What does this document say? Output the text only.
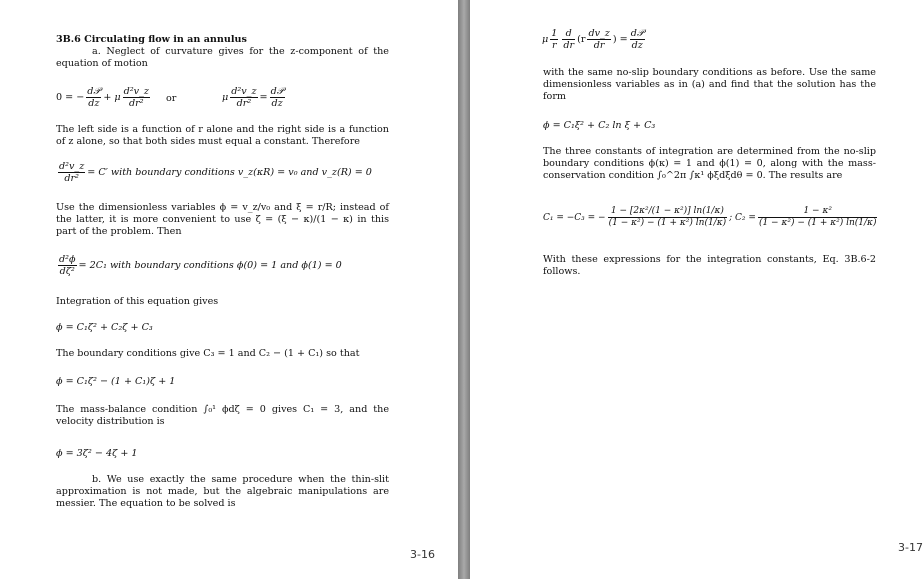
3B.6 Circulating flow in an annulus
a. Neglect of curvature gives for the z-component of the equation of motion
0 = − $\frac{\text{d𝒫}}{dz} + \mu \frac{\text{d²v\_z}}{\text{dr²}}$ or	μ $\frac{\text{d²v\_z}}{\text{dr²}} = \frac{\text{d𝒫}}{dz}$
The left side is a function of r alone and the right side is a function of z alone, so that both sides must equal a constant. Therefore
$\frac{\text{d²v\_z}}{\text{dr²}} = C'$ with boundary conditions v_z(κR) = v₀ and v_z(R) = 0
Use the dimensionless variables ϕ = v_z/v₀ and ξ = r/R; instead of the latter, it is more convenient to use ζ = (ξ − κ)/(1 − κ) in this part of the problem. Then
$\frac{\text{d²ϕ}}{\text{dζ²}} = 2C_1$ with boundary conditions ϕ(0) = 1 and ϕ(1) = 0
Integration of this equation gives
ϕ = C₁ζ² + C₂ζ + C₃
The boundary conditions give C₃ = 1 and C₂ − (1 + C₁) so that
ϕ = C₁ζ² − (1 + C₁)ζ + 1
The mass-balance condition ∫₀¹ ϕdζ = 0 gives C₁ = 3, and the velocity distribution is
ϕ = 3ζ² − 4ζ + 1
b. We use exactly the same procedure when the thin-slit approximation is not made, but the algebraic manipulations are messier. The equation to be solved is
3-16
μ $\frac{1}{r} \frac{d}{dr} (r \frac{dv\_z}{dr}$ ) = $\frac{\text{d𝒫}}{dz}$
with the same no-slip boundary conditions as before. Use the same dimensionless variables as in (a) and find that the solution has the form
ϕ = C₁ξ² + C₂ ln ξ + C₃
The three constants of integration are determined from the no-slip boundary conditions ϕ(κ) = 1 and ϕ(1) = 0, along with the mass-conservation condition ∫₀^2π ∫κ¹ ϕξdξdθ = 0. The results are
C₁ = −C₃ = − $\frac{\text{1 − [2κ²/(1 − κ²)] ln(1/κ)}}{\text{(1 − κ²) − (1 + κ²) ln(1/κ)}}$ ; $C_2 = \frac{\text{1 − κ²}}{\text{(1 − κ²) − (1 + κ²) ln(1/κ)}}$
With these expressions for the integration constants, Eq. 3B.6-2 follows.
3-17
